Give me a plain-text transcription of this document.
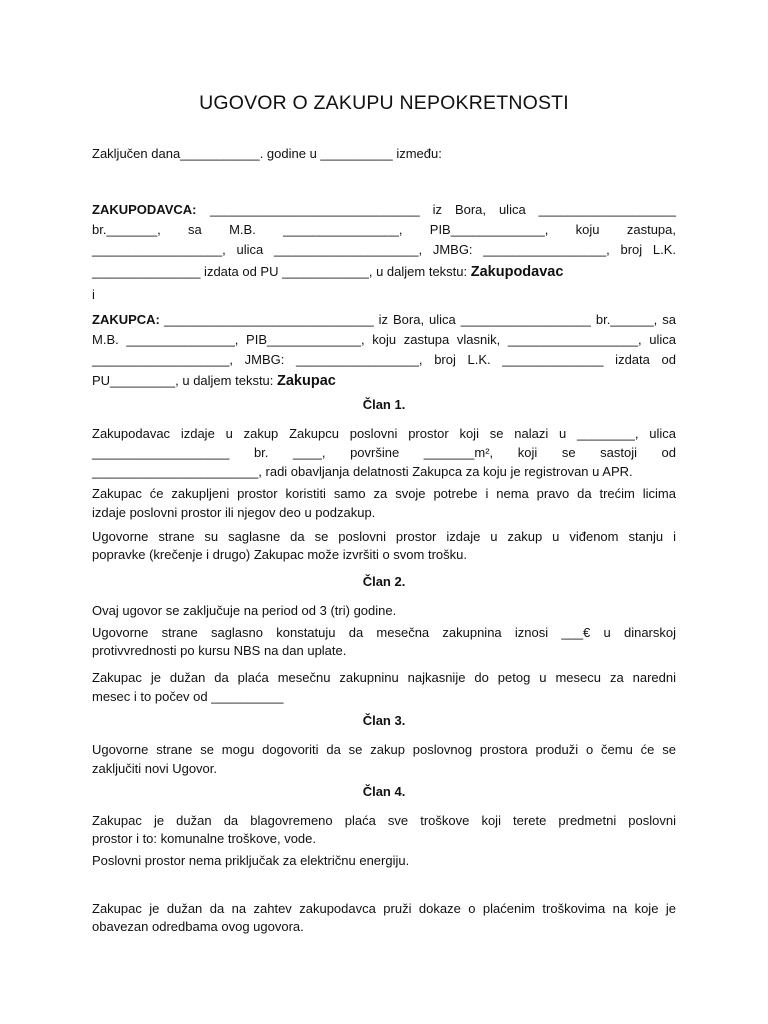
UGOVOR O ZAKUPU NEPOKRETNOSTI
Zaključen dana___________. godine u __________ između:
ZAKUPODAVCA:	_____________________________ iz Bora, ulica ___________________
br._______, sa M.B. ________________, PIB_____________, koju zastupa,
__________________, ulica ____________________, JMBG: _________________, broj L.K.
_______________ izdata od PU ____________, u daljem tekstu: Zakupodavac
i
ZAKUPCA: _____________________________ iz Bora, ulica __________________ br.______, sa
M.B. _______________, PIB_____________, koju zastupa vlasnik, __________________, ulica
___________________, JMBG: _________________, broj L.K. ______________ izdata od
PU_________, u daljem tekstu: Zakupac
Član 1.
Zakupodavac izdaje u zakup Zakupcu poslovni prostor koji se nalazi u ________, ulica
___________________ br. ____, površine _______m², koji se sastoji od
_______________________, radi obavljanja delatnosti Zakupca za koju je registrovan u APR.
Zakupac će zakupljeni prostor koristiti samo za svoje potrebe i nema pravo da trećim licima
izdaje poslovni prostor ili njegov deo u podzakup.
Ugovorne strane su saglasne da se poslovni prostor izdaje u zakup u viđenom stanju i
popravke (krečenje i drugo) Zakupac može izvršiti o svom trošku.
Član 2.
Ovaj ugovor se zaključuje na period od 3 (tri) godine.
Ugovorne strane saglasno konstatuju da mesečna zakupnina iznosi ___€ u dinarskoj
protivvrednosti po kursu NBS na dan uplate.
Zakupac je dužan da plaća mesečnu zakupninu najkasnije do petog u mesecu za naredni
mesec i to počev od __________
Član 3.
Ugovorne strane se mogu dogovoriti da se zakup poslovnog prostora produži o čemu će se
zaključiti novi Ugovor.
Član 4.
Zakupac je dužan da blagovremeno plaća sve troškove koji terete predmetni poslovni
prostor i to: komunalne troškove, vode.
Poslovni prostor nema priključak za električnu energiju.
Zakupac je dužan da na zahtev zakupodavca pruži dokaze o plaćenim troškovima na koje je
obavezan odredbama ovog ugovora.
